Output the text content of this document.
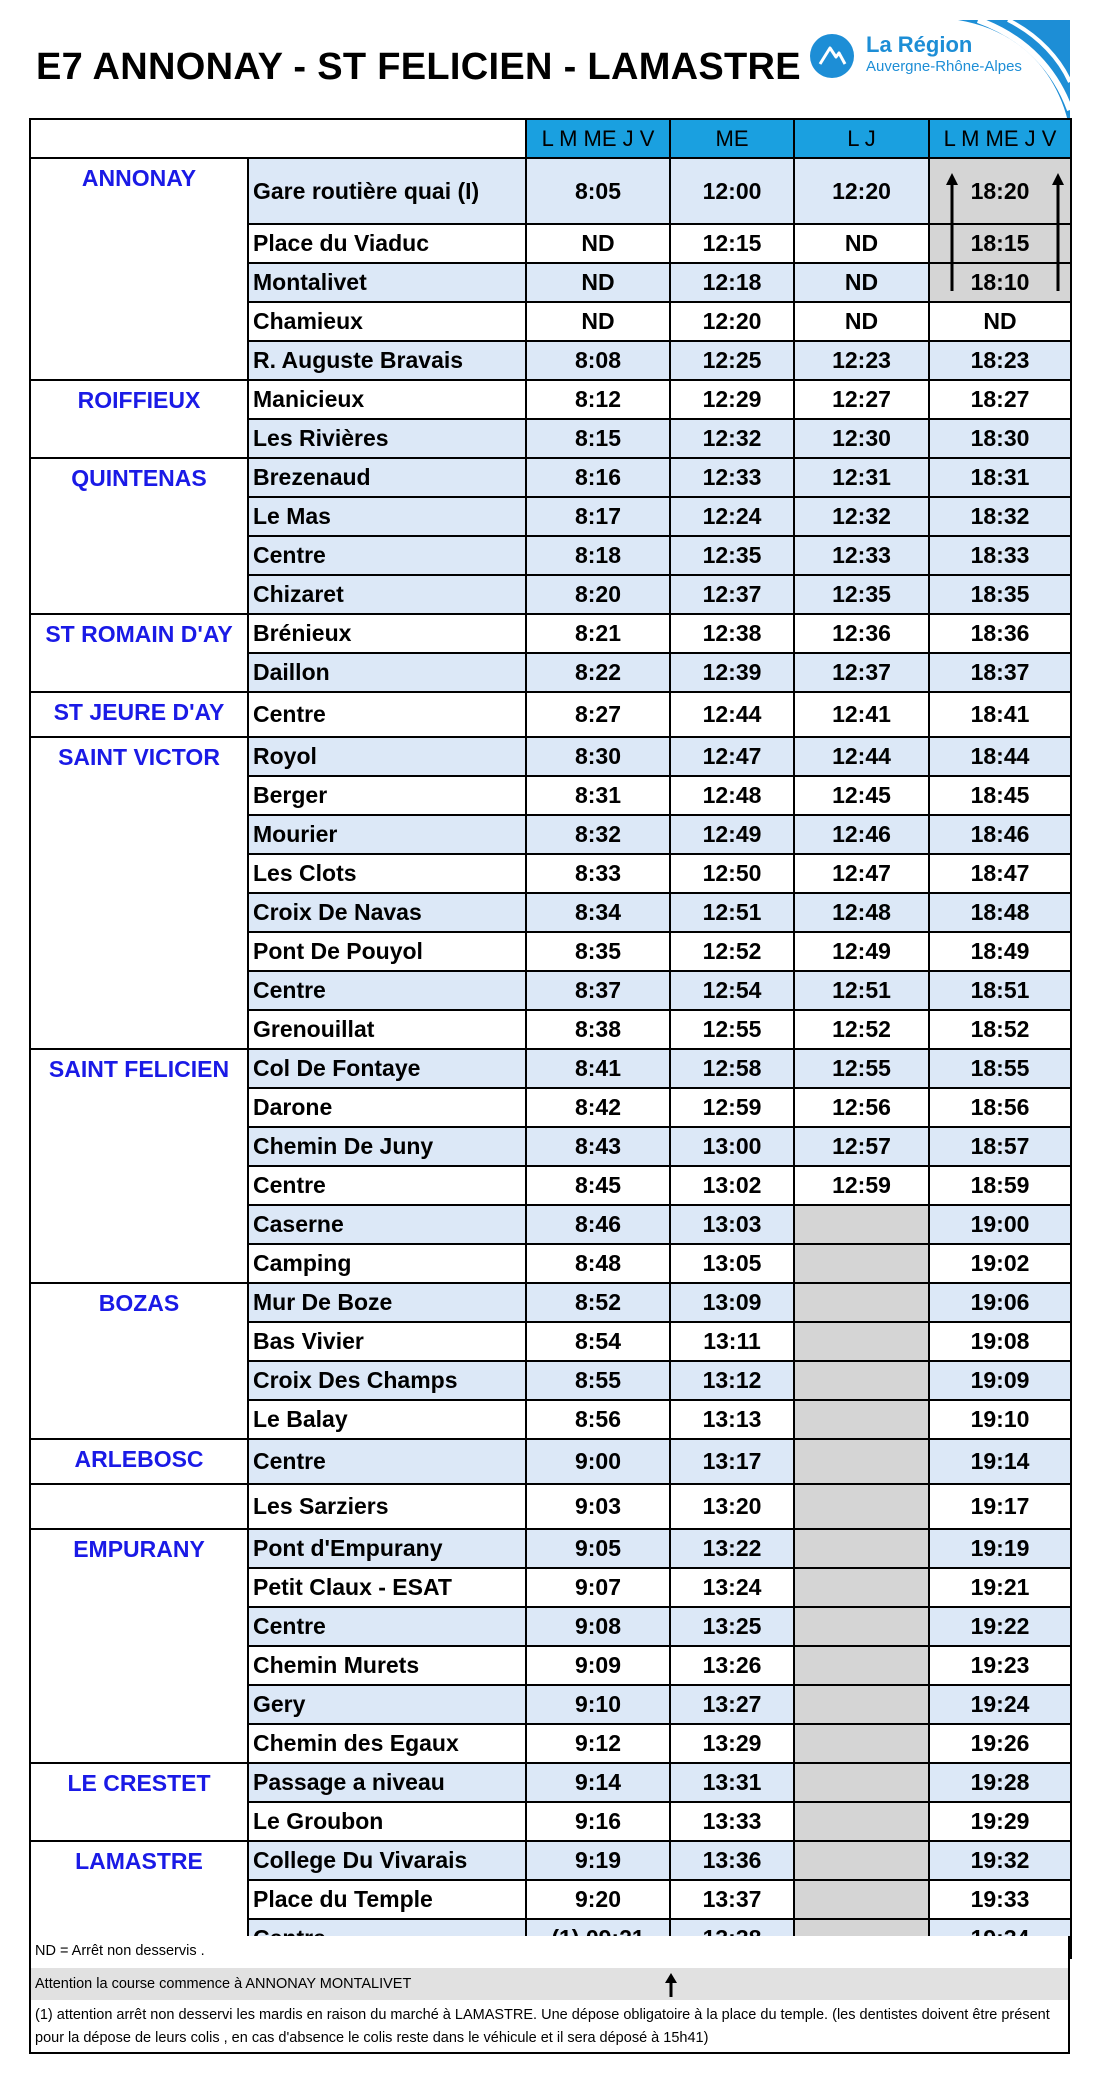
E7 ANNONAY - ST FELICIEN - LAMASTRE
La Région
Auvergne-Rhône-Alpes
		L M ME J V	ME	L J	L M ME J V
ANNONAY	Gare routière quai (I)	8:05	12:00	12:20	18:20

	Place du Viaduc	ND	12:15	ND	18:15
	Montalivet	ND	12:18	ND	18:10
	Chamieux	ND	12:20	ND	ND
	R. Auguste Bravais	8:08	12:25	12:23	18:23
ROIFFIEUX	Manicieux	8:12	12:29	12:27	18:27
	Les Rivières	8:15	12:32	12:30	18:30
QUINTENAS	Brezenaud	8:16	12:33	12:31	18:31
	Le Mas	8:17	12:24	12:32	18:32
	Centre	8:18	12:35	12:33	18:33
	Chizaret	8:20	12:37	12:35	18:35
ST ROMAIN D'AY	Brénieux	8:21	12:38	12:36	18:36
	Daillon	8:22	12:39	12:37	18:37
ST JEURE D'AY	Centre	8:27	12:44	12:41	18:41
SAINT VICTOR	Royol	8:30	12:47	12:44	18:44
	Berger	8:31	12:48	12:45	18:45
	Mourier	8:32	12:49	12:46	18:46
	Les Clots	8:33	12:50	12:47	18:47
	Croix De Navas	8:34	12:51	12:48	18:48
	Pont De Pouyol	8:35	12:52	12:49	18:49
	Centre	8:37	12:54	12:51	18:51
	Grenouillat	8:38	12:55	12:52	18:52
SAINT FELICIEN	Col De Fontaye	8:41	12:58	12:55	18:55
	Darone	8:42	12:59	12:56	18:56
	Chemin De Juny	8:43	13:00	12:57	18:57
	Centre	8:45	13:02	12:59	18:59
	Caserne	8:46	13:03		19:00
	Camping	8:48	13:05		19:02
BOZAS	Mur De Boze	8:52	13:09		19:06
	Bas Vivier	8:54	13:11		19:08
	Croix Des Champs	8:55	13:12		19:09
	Le Balay	8:56	13:13		19:10
ARLEBOSC	Centre	9:00	13:17		19:14
	Les Sarziers	9:03	13:20		19:17
EMPURANY	Pont d'Empurany	9:05	13:22		19:19
	Petit Claux - ESAT	9:07	13:24		19:21
	Centre	9:08	13:25		19:22
	Chemin Murets	9:09	13:26		19:23
	Gery	9:10	13:27		19:24
	Chemin des Egaux	9:12	13:29		19:26
LE CRESTET	Passage a niveau	9:14	13:31		19:28
	Le Groubon	9:16	13:33		19:29
LAMASTRE	College Du Vivarais	9:19	13:36		19:32
	Place du Temple	9:20	13:37		19:33

ND = Arrêt non desservis .
Attention la course commence à ANNONAY MONTALIVET
(1) attention arrêt non desservi les mardis en raison du marché à LAMASTRE. Une dépose obligatoire à la place du temple. (les dentistes doivent être présent pour la dépose de leurs colis , en cas d'absence le colis reste dans le véhicule et il sera déposé à 15h41)
